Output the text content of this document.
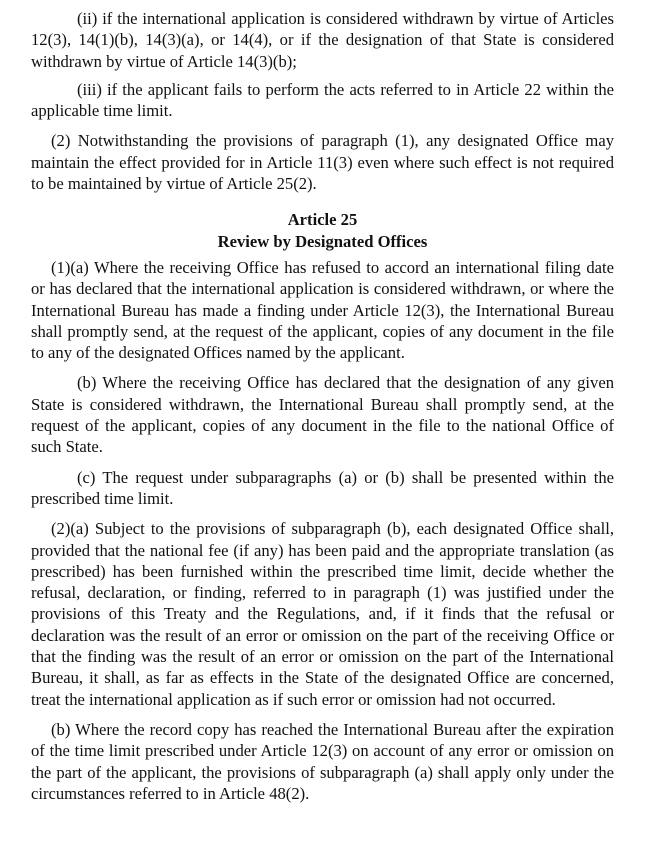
(ii) if the international application is considered withdrawn by virtue of Articles 12(3), 14(1)(b), 14(3)(a), or 14(4), or if the designation of that State is considered withdrawn by virtue of Article 14(3)(b);

(iii) if the applicant fails to perform the acts referred to in Article 22 within the applicable time limit.

(2) Notwithstanding the provisions of paragraph (1), any designated Office may maintain the effect provided for in Article 11(3) even where such effect is not required to be maintained by virtue of Article 25(2).

Article 25

Review by Designated Offices

(1)(a) Where the receiving Office has refused to accord an international filing date or has declared that the international application is considered withdrawn, or where the International Bureau has made a finding under Article 12(3), the International Bureau shall promptly send, at the request of the applicant, copies of any document in the file to any of the designated Offices named by the applicant.

(b) Where the receiving Office has declared that the designation of any given State is considered withdrawn, the International Bureau shall promptly send, at the request of the applicant, copies of any document in the file to the national Office of such State.

(c) The request under subparagraphs (a) or (b) shall be presented within the prescribed time limit.

(2)(a) Subject to the provisions of subparagraph (b), each designated Office shall, provided that the national fee (if any) has been paid and the appropriate translation (as prescribed) has been furnished within the prescribed time limit, decide whether the refusal, declaration, or finding, referred to in paragraph (1) was justified under the provisions of this Treaty and the Regulations, and, if it finds that the refusal or declaration was the result of an error or omission on the part of the receiving Office or that the finding was the result of an error or omission on the part of the International Bureau, it shall, as far as effects in the State of the designated Office are concerned, treat the international application as if such error or omission had not occurred.

(b) Where the record copy has reached the International Bureau after the expiration of the time limit prescribed under Article 12(3) on account of any error or omission on the part of the applicant, the provisions of subparagraph (a) shall apply only under the circumstances referred to in Article 48(2).
